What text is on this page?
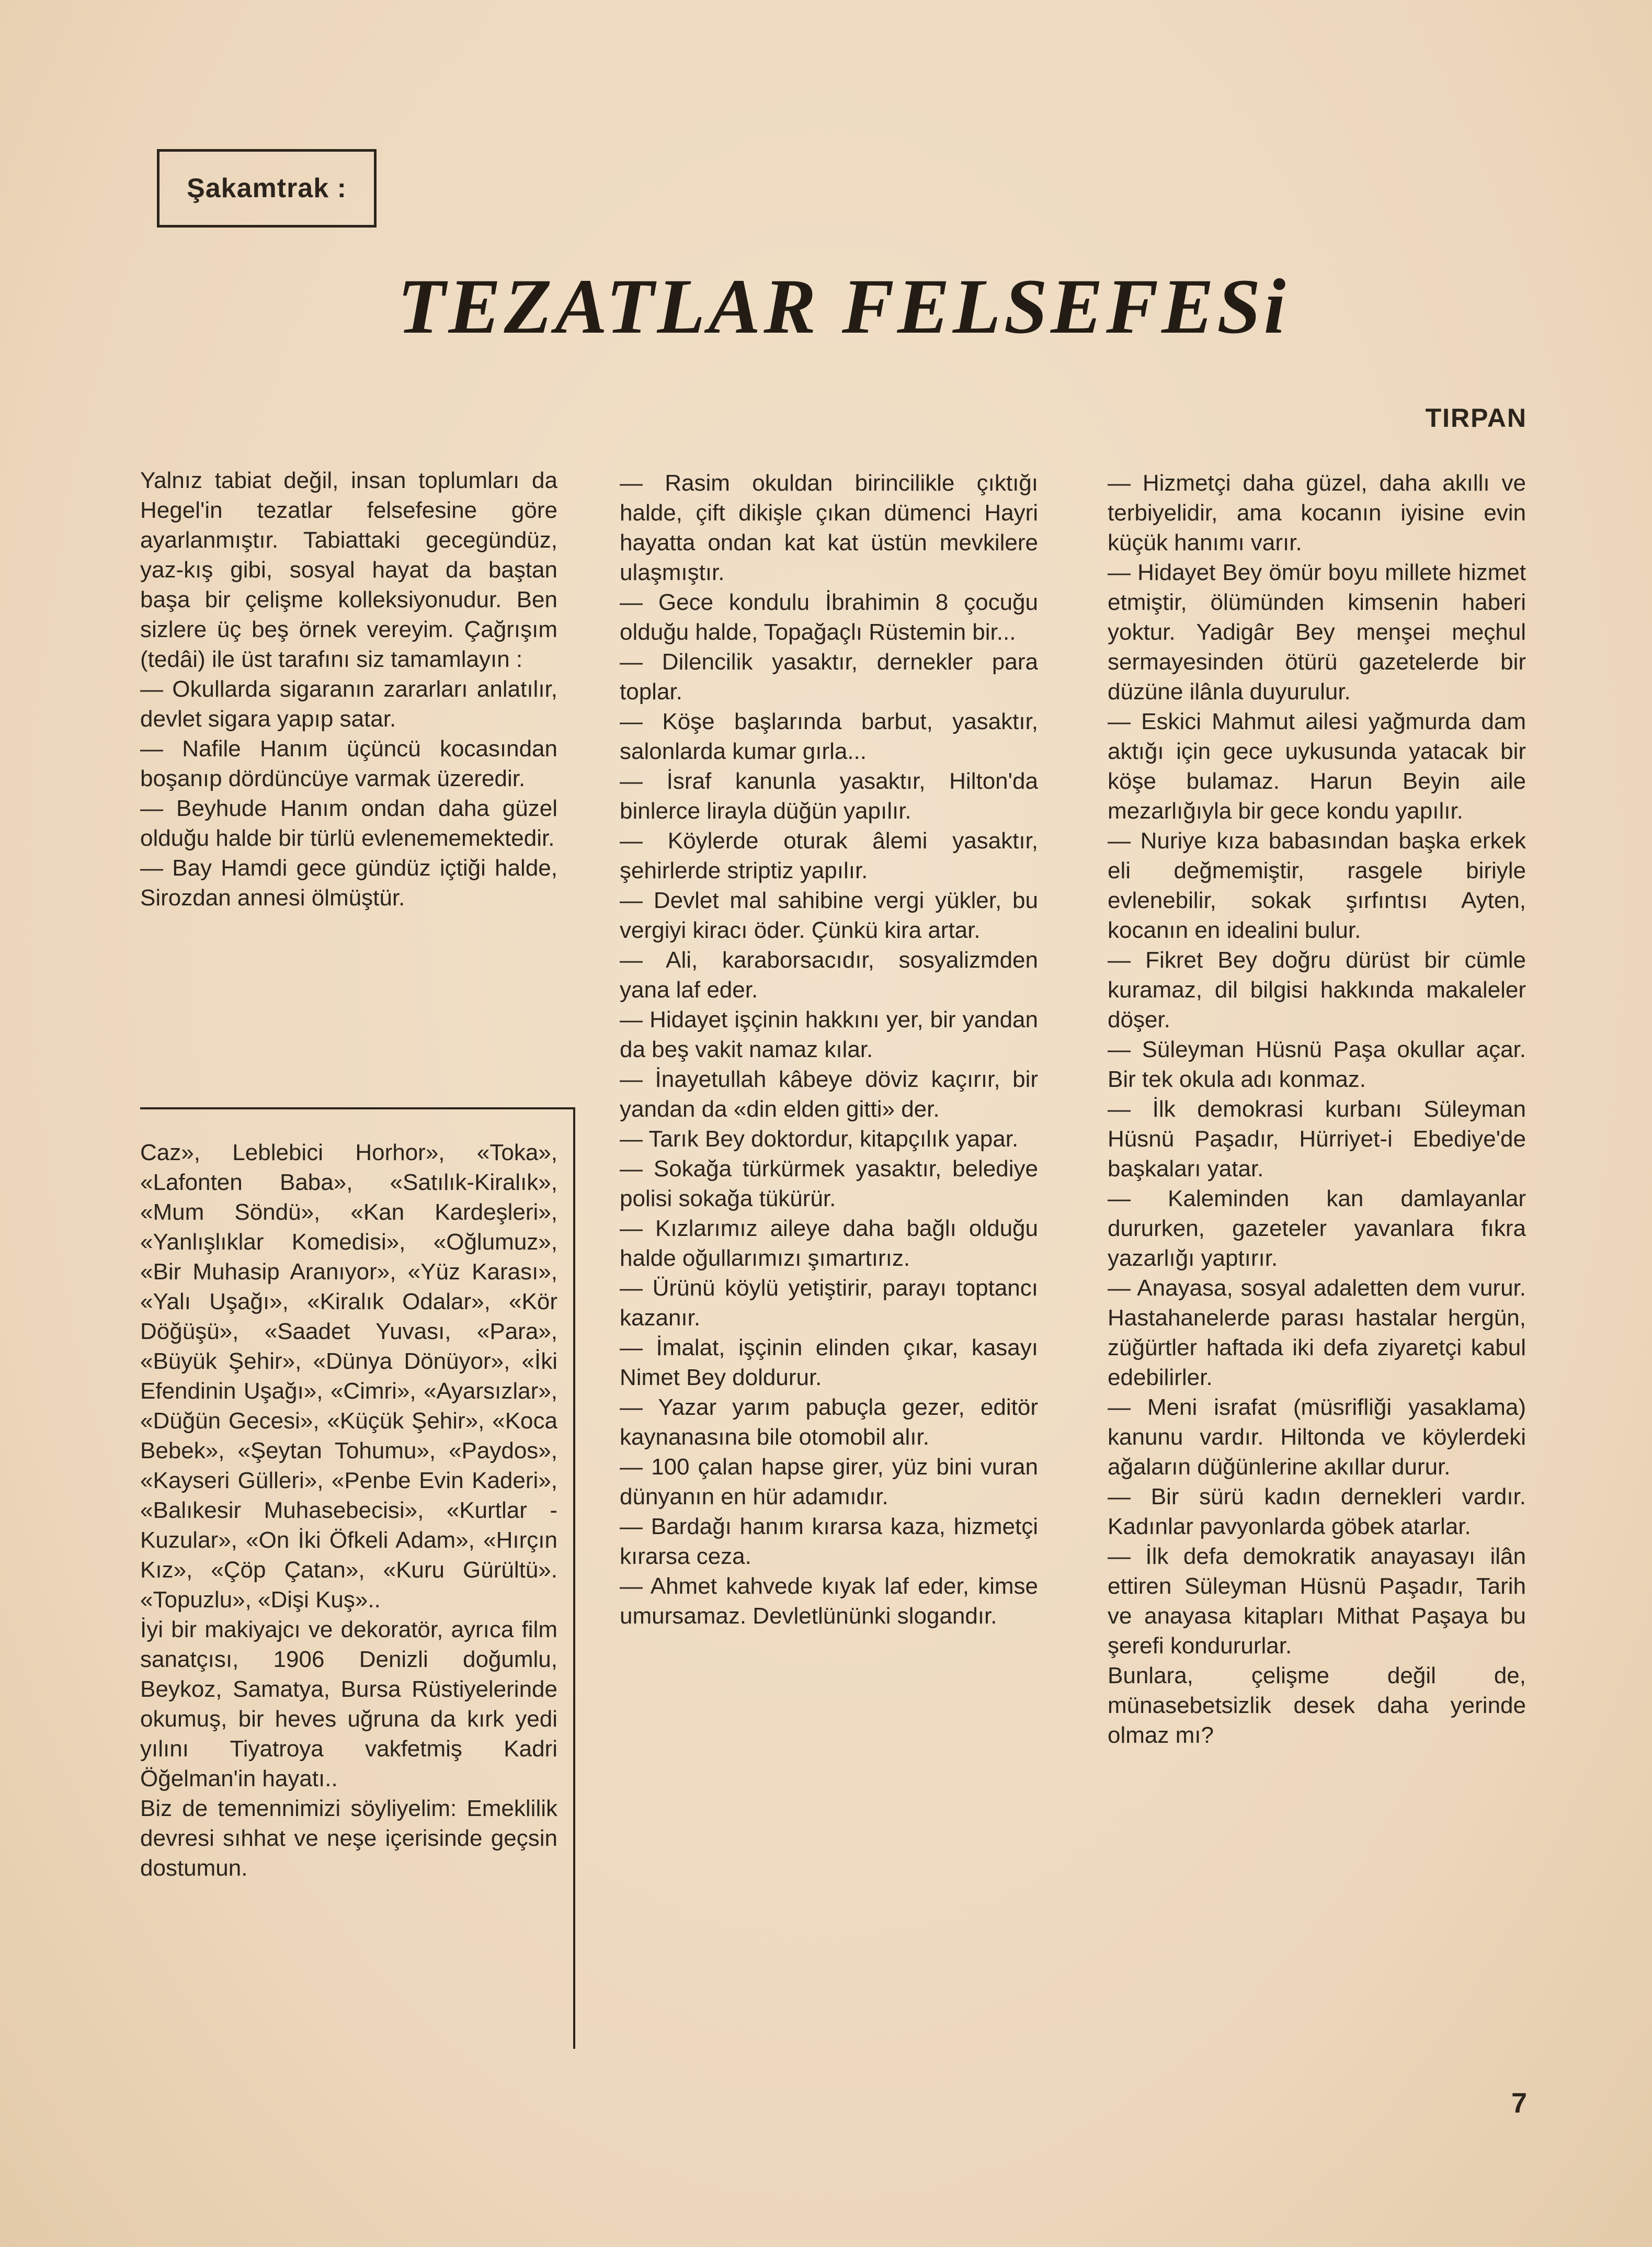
Şakamtrak :
TEZATLAR FELSEFESi
TIRPAN

Yalnız tabiat değil, insan toplumları da Hegel'in tezatlar felsefesine göre ayarlanmıştır. Tabiattaki gecegündüz, yaz-kış gibi, sosyal hayat da baştan başa bir çelişme kolleksiyonudur. Ben sizlere üç beş örnek vereyim. Çağrışım (tedâi) ile üst tarafını siz tamamlayın :

— Okullarda sigaranın zararları anlatılır, devlet sigara yapıp satar.

— Nafile Hanım üçüncü kocasından boşanıp dördüncüye varmak üzeredir.

— Beyhude Hanım ondan daha güzel olduğu halde bir türlü evlenememektedir.

— Bay Hamdi gece gündüz içtiği halde, Sirozdan annesi ölmüştür.

Caz», Leblebici Horhor», «Toka», «Lafonten Baba», «Satılık-Kiralık», «Mum Söndü», «Kan Kardeşleri», «Yanlışlıklar Komedisi», «Oğlumuz», «Bir Muhasip Aranıyor», «Yüz Karası», «Yalı Uşağı», «Kiralık Odalar», «Kör Döğüşü», «Saadet Yuvası, «Para», «Büyük Şehir», «Dünya Dönüyor», «İki Efendinin Uşağı», «Cimri», «Ayarsızlar», «Düğün Gecesi», «Küçük Şehir», «Koca Bebek», «Şeytan Tohumu», «Paydos», «Kayseri Gülleri», «Penbe Evin Kaderi», «Balıkesir Muhasebecisi», «Kurtlar - Kuzular», «On İki Öfkeli Adam», «Hırçın Kız», «Çöp Çatan», «Kuru Gürültü». «Topuzlu», «Dişi Kuş»..

İyi bir makiyajcı ve dekoratör, ayrıca film sanatçısı, 1906 Denizli doğumlu, Beykoz, Samatya, Bursa Rüstiyelerinde okumuş, bir heves uğruna da kırk yedi yılını Tiyatroya vakfetmiş Kadri Öğelman'in hayatı..

Biz de temennimizi söyliyelim: Emeklilik devresi sıhhat ve neşe içerisinde geçsin dostumun.

— Rasim okuldan birincilikle çıktığı halde, çift dikişle çıkan dümenci Hayri hayatta ondan kat kat üstün mevkilere ulaşmıştır.

— Gece kondulu İbrahimin 8 çocuğu olduğu halde, Topağaçlı Rüstemin bir...

— Dilencilik yasaktır, dernekler para toplar.

— Köşe başlarında barbut, yasaktır, salonlarda kumar gırla...

— İsraf kanunla yasaktır, Hilton'da binlerce lirayla düğün yapılır.

— Köylerde oturak âlemi yasaktır, şehirlerde striptiz yapılır.

— Devlet mal sahibine vergi yükler, bu vergiyi kiracı öder. Çünkü kira artar.

— Ali, karaborsacıdır, sosyalizmden yana laf eder.

— Hidayet işçinin hakkını yer, bir yandan da beş vakit namaz kılar.

— İnayetullah kâbeye döviz kaçırır, bir yandan da «din elden gitti» der.

— Tarık Bey doktordur, kitapçılık yapar.

— Sokağa türkürmek yasaktır, belediye polisi sokağa tükürür.

— Kızlarımız aileye daha bağlı olduğu halde oğullarımızı şımartırız.

— Ürünü köylü yetiştirir, parayı toptancı kazanır.

— İmalat, işçinin elinden çıkar, kasayı Nimet Bey doldurur.

— Yazar yarım pabuçla gezer, editör kaynanasına bile otomobil alır.

— 100 çalan hapse girer, yüz bini vuran dünyanın en hür adamıdır.

— Bardağı hanım kırarsa kaza, hizmetçi kırarsa ceza.

— Ahmet kahvede kıyak laf eder, kimse umursamaz. Devletlününki slogandır.

— Hizmetçi daha güzel, daha akıllı ve terbiyelidir, ama kocanın iyisine evin küçük hanımı varır.

— Hidayet Bey ömür boyu millete hizmet etmiştir, ölümünden kimsenin haberi yoktur. Yadigâr Bey menşei meçhul sermayesinden ötürü gazetelerde bir düzüne ilânla duyurulur.

— Eskici Mahmut ailesi yağmurda dam aktığı için gece uykusunda yatacak bir köşe bulamaz. Harun Beyin aile mezarlığıyla bir gece kondu yapılır.

— Nuriye kıza babasından başka erkek eli değmemiştir, rasgele biriyle evlenebilir, sokak şırfıntısı Ayten, kocanın en idealini bulur.

— Fikret Bey doğru dürüst bir cümle kuramaz, dil bilgisi hakkında makaleler döşer.

— Süleyman Hüsnü Paşa okullar açar. Bir tek okula adı konmaz.

— İlk demokrasi kurbanı Süleyman Hüsnü Paşadır, Hürriyet-i Ebediye'de başkaları yatar.

— Kaleminden kan damlayanlar dururken, gazeteler yavanlara fıkra yazarlığı yaptırır.

— Anayasa, sosyal adaletten dem vurur. Hastahanelerde parası hastalar hergün, züğürtler haftada iki defa ziyaretçi kabul edebilirler.

— Meni israfat (müsrifliği yasaklama) kanunu vardır. Hiltonda ve köylerdeki ağaların düğünlerine akıllar durur.

— Bir sürü kadın dernekleri vardır. Kadınlar pavyonlarda göbek atarlar.

— İlk defa demokratik anayasayı ilân ettiren Süleyman Hüsnü Paşadır, Tarih ve anayasa kitapları Mithat Paşaya bu şerefi kondururlar.

Bunlara, çelişme değil de, münasebetsizlik desek daha yerinde olmaz mı?

7
